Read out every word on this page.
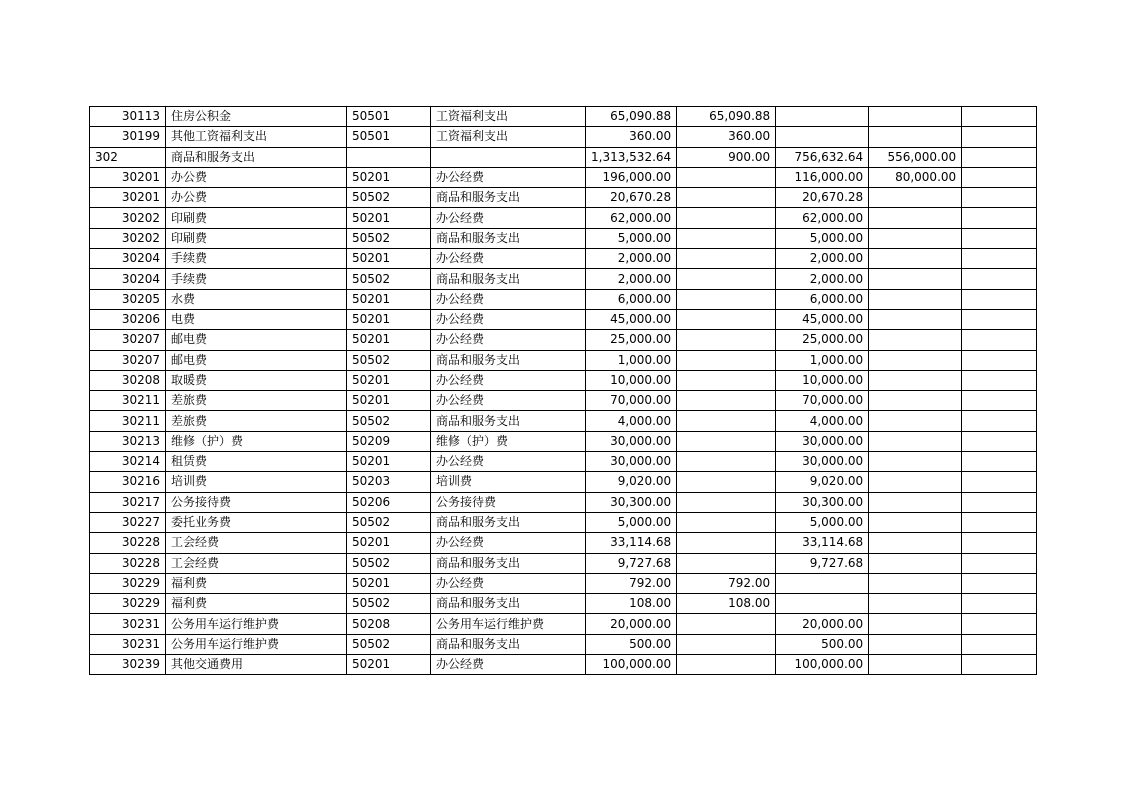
30113	住房公积金	50501	工资福利支出	65,090.88	65,090.88			
30199	其他工资福利支出	50501	工资福利支出	360.00	360.00			
302	商品和服务支出			1,313,532.64	900.00	756,632.64	556,000.00	
30201	办公费	50201	办公经费	196,000.00		116,000.00	80,000.00	
30201	办公费	50502	商品和服务支出	20,670.28		20,670.28		
30202	印刷费	50201	办公经费	62,000.00		62,000.00		
30202	印刷费	50502	商品和服务支出	5,000.00		5,000.00		
30204	手续费	50201	办公经费	2,000.00		2,000.00		
30204	手续费	50502	商品和服务支出	2,000.00		2,000.00		
30205	水费	50201	办公经费	6,000.00		6,000.00		
30206	电费	50201	办公经费	45,000.00		45,000.00		
30207	邮电费	50201	办公经费	25,000.00		25,000.00		
30207	邮电费	50502	商品和服务支出	1,000.00		1,000.00		
30208	取暖费	50201	办公经费	10,000.00		10,000.00		
30211	差旅费	50201	办公经费	70,000.00		70,000.00		
30211	差旅费	50502	商品和服务支出	4,000.00		4,000.00		
30213	维修（护）费	50209	维修（护）费	30,000.00		30,000.00		
30214	租赁费	50201	办公经费	30,000.00		30,000.00		
30216	培训费	50203	培训费	9,020.00		9,020.00		
30217	公务接待费	50206	公务接待费	30,300.00		30,300.00		
30227	委托业务费	50502	商品和服务支出	5,000.00		5,000.00		
30228	工会经费	50201	办公经费	33,114.68		33,114.68		
30228	工会经费	50502	商品和服务支出	9,727.68		9,727.68		
30229	福利费	50201	办公经费	792.00	792.00			
30229	福利费	50502	商品和服务支出	108.00	108.00			
30231	公务用车运行维护费	50208	公务用车运行维护费	20,000.00		20,000.00		
30231	公务用车运行维护费	50502	商品和服务支出	500.00		500.00		
30239	其他交通费用	50201	办公经费	100,000.00		100,000.00		
